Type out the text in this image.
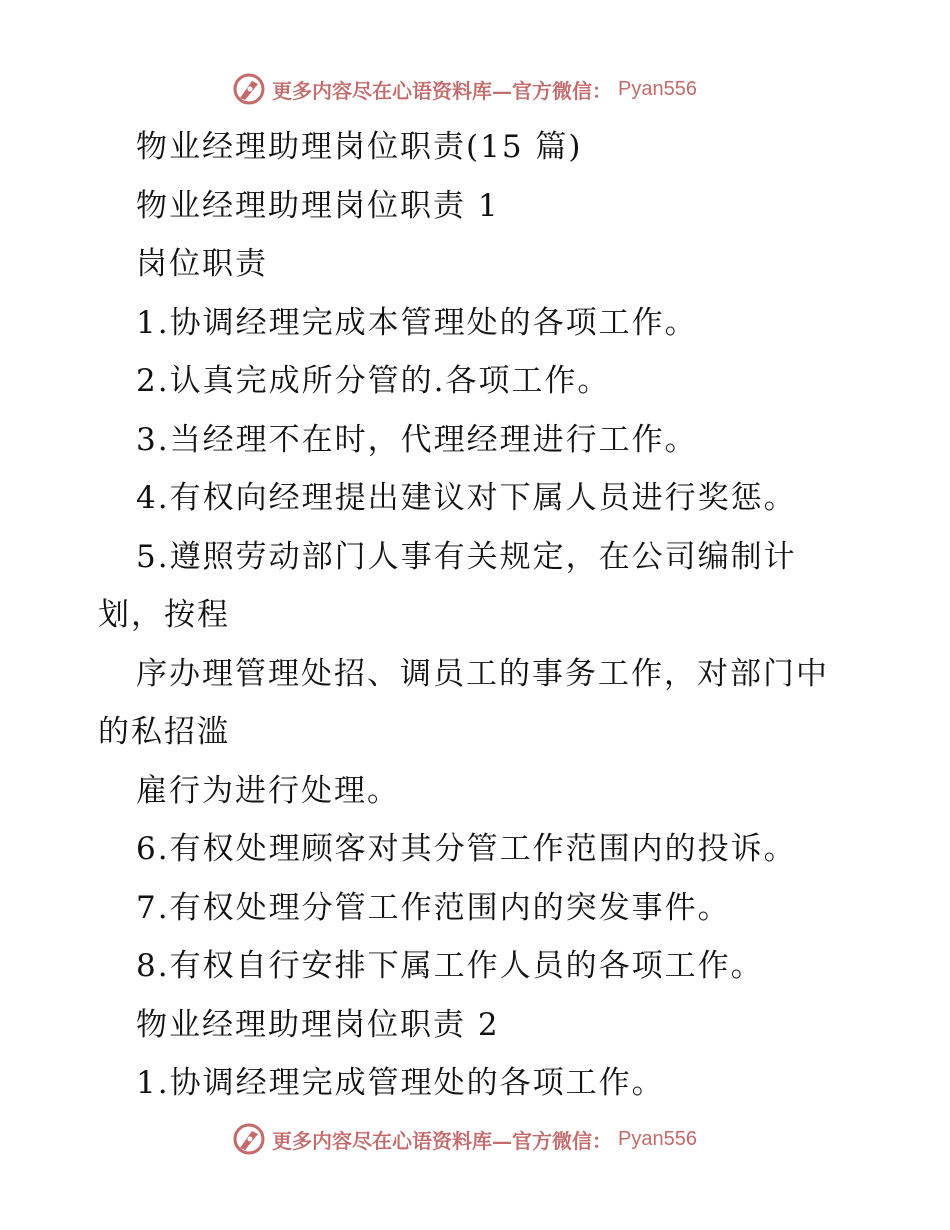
更多内容尽在心语资料库—官方微信： Pyan556
物业经理助理岗位职责(15 篇)
物业经理助理岗位职责 1
岗位职责
1.协调经理完成本管理处的各项工作。
2.认真完成所分管的.各项工作。
3.当经理不在时，代理经理进行工作。
4.有权向经理提出建议对下属人员进行奖惩。
5.遵照劳动部门人事有关规定，在公司编制计
划，按程
序办理管理处招、调员工的事务工作，对部门中
的私招滥
雇行为进行处理。
6.有权处理顾客对其分管工作范围内的投诉。
7.有权处理分管工作范围内的突发事件。
8.有权自行安排下属工作人员的各项工作。
物业经理助理岗位职责 2
1.协调经理完成管理处的各项工作。
更多内容尽在心语资料库—官方微信： Pyan556
